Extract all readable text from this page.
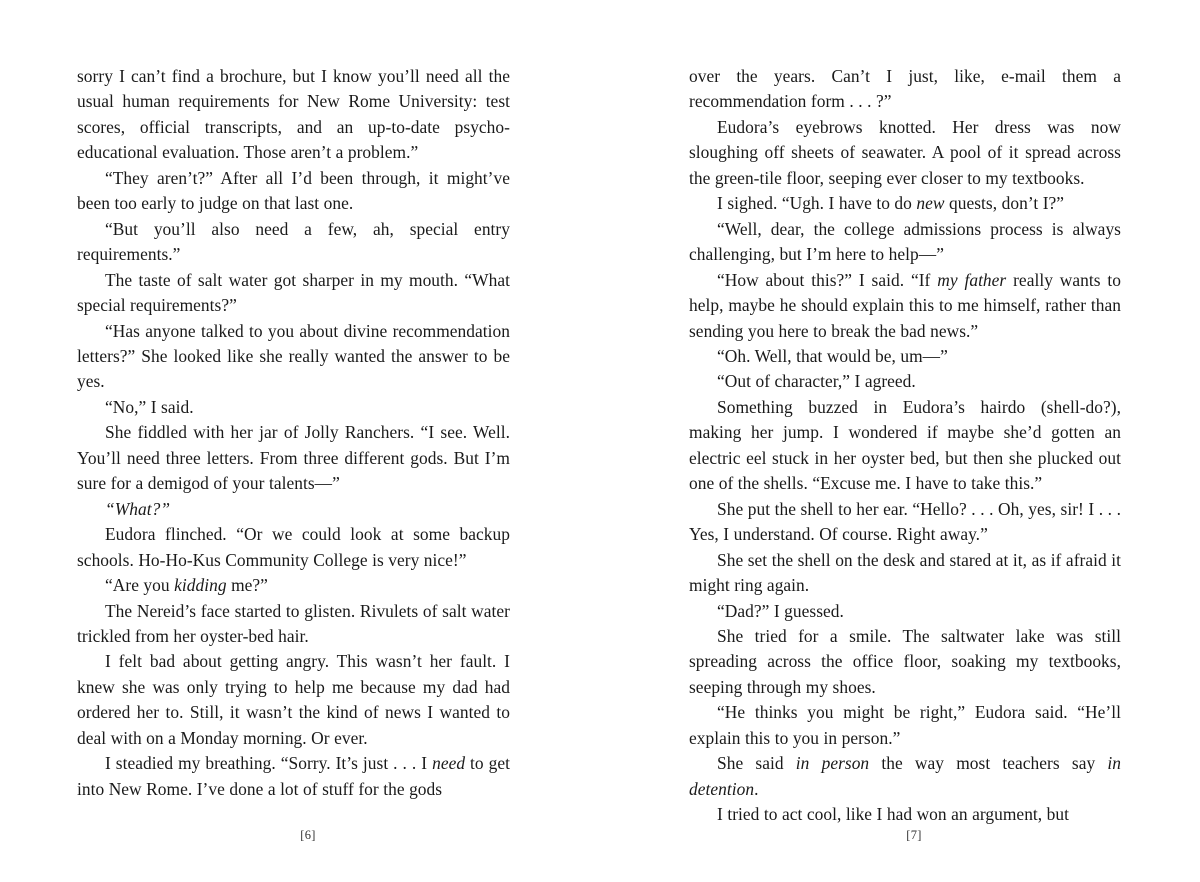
sorry I can’t find a brochure, but I know you’ll need all the usual human requirements for New Rome University: test scores, official transcripts, and an up-to-date psycho-educational evaluation. Those aren’t a problem.”

“They aren’t?” After all I’d been through, it might’ve been too early to judge on that last one.

“But you’ll also need a few, ah, special entry requirements.”

The taste of salt water got sharper in my mouth. “What special requirements?”

“Has anyone talked to you about divine recommendation letters?” She looked like she really wanted the answer to be yes.

“No,” I said.

She fiddled with her jar of Jolly Ranchers. “I see. Well. You’ll need three letters. From three different gods. But I’m sure for a demigod of your talents—”

“What?”

Eudora flinched. “Or we could look at some backup schools. Ho-Ho-Kus Community College is very nice!”

“Are you kidding me?”

The Nereid’s face started to glisten. Rivulets of salt water trickled from her oyster-bed hair.

I felt bad about getting angry. This wasn’t her fault. I knew she was only trying to help me because my dad had ordered her to. Still, it wasn’t the kind of news I wanted to deal with on a Monday morning. Or ever.

I steadied my breathing. “Sorry. It’s just . . . I need to get into New Rome. I’ve done a lot of stuff for the gods

[6]

over the years. Can’t I just, like, e-mail them a recommendation form . . . ?”

Eudora’s eyebrows knotted. Her dress was now sloughing off sheets of seawater. A pool of it spread across the green-tile floor, seeping ever closer to my textbooks.

I sighed. “Ugh. I have to do new quests, don’t I?”

“Well, dear, the college admissions process is always challenging, but I’m here to help—”

“How about this?” I said. “If my father really wants to help, maybe he should explain this to me himself, rather than sending you here to break the bad news.”

“Oh. Well, that would be, um—”

“Out of character,” I agreed.

Something buzzed in Eudora’s hairdo (shell-do?), making her jump. I wondered if maybe she’d gotten an electric eel stuck in her oyster bed, but then she plucked out one of the shells. “Excuse me. I have to take this.”

She put the shell to her ear. “Hello? . . . Oh, yes, sir! I . . . Yes, I understand. Of course. Right away.”

She set the shell on the desk and stared at it, as if afraid it might ring again.

“Dad?” I guessed.

She tried for a smile. The saltwater lake was still spreading across the office floor, soaking my textbooks, seeping through my shoes.

“He thinks you might be right,” Eudora said. “He’ll explain this to you in person.”

She said in person the way most teachers say in detention.

I tried to act cool, like I had won an argument, but

[7]
